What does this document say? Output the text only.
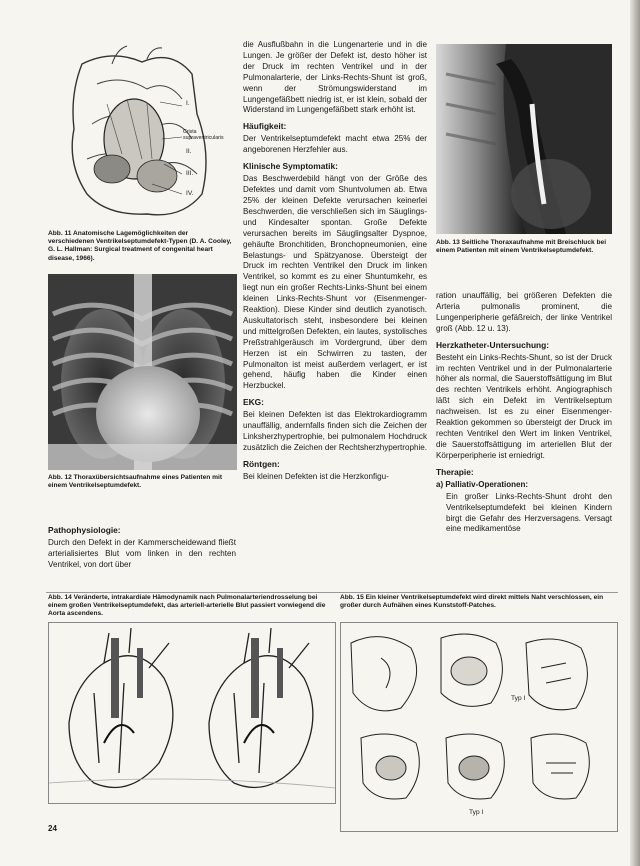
I.
Crista
supraventricularis
II.
III.
IV.
Abb. 11 Anatomische Lagemöglichkeiten der verschiedenen Ventrikelseptumdefekt-Typen (D. A. Cooley, G. L. Hallman: Surgical treatment of congenital heart disease, 1966).
Abb. 12 Thoraxübersichtsaufnahme eines Patienten mit einem Ventrikelseptumdefekt.
Pathophysiologie:

Durch den Defekt in der Kammerscheidewand fließt arterialisiertes Blut vom linken in den rechten Ventrikel, von dort über

die Ausflußbahn in die Lungenarterie und in die Lungen. Je größer der Defekt ist, desto höher ist der Druck im rechten Ventrikel und in der Pulmonalarterie, der Links-Rechts-Shunt ist groß, wenn der Strömungswiderstand im Lungengefäßbett niedrig ist, er ist klein, sobald der Widerstand im Lungengefäßbett stark erhöht ist.

Häufigkeit:

Der Ventrikelseptumdefekt macht etwa 25% der angeborenen Herzfehler aus.

Klinische Symptomatik:

Das Beschwerdebild hängt von der Größe des Defektes und damit vom Shuntvolumen ab. Etwa 25% der kleinen Defekte verursachen keinerlei Beschwerden, die verschließen sich im Säuglings- und Kindesalter spontan. Große Defekte verursachen bereits im Säuglingsalter Dyspnoe, gehäufte Bronchitiden, Bronchopneumonien, eine Belastungs- und Spätzyanose. Übersteigt der Druck im rechten Ventrikel den Druck im linken Ventrikel, so kommt es zu einer Shuntumkehr, es liegt nun ein großer Rechts-Links-Shunt bei einem kleinen Links-Rechts-Shunt vor (Eisenmenger-Reaktion). Diese Kinder sind deutlich zyanotisch. Auskultatorisch steht, insbesondere bei kleinen und mittelgroßen Defekten, ein lautes, systolisches Preßstrahlgeräusch im Vordergrund, über dem Herzen ist ein Schwirren zu tasten, der Pulmonalton ist meist außerdem verlagert, er ist gehend, häufig haben die Kinder einen Herzbuckel.

EKG:

Bei kleinen Defekten ist das Elektrokardiogramm unauffällig, andernfalls finden sich die Zeichen der Linksherzhypertrophie, bei pulmonalem Hochdruck zusätzlich die Zeichen der Rechtsherzhypertrophie.

Röntgen:

Bei kleinen Defekten ist die Herzkonfigu-

Abb. 13 Seitliche Thoraxaufnahme mit Breischluck bei einem Patienten mit einem Ventrikelseptumdefekt.

ration unauffällig, bei größeren Defekten die Arteria pulmonalis prominent, die Lungenperipherie gefäßreich, der linke Ventrikel groß (Abb. 12 u. 13).

Herzkatheter-Untersuchung:

Besteht ein Links-Rechts-Shunt, so ist der Druck im rechten Ventrikel und in der Pulmonalarterie höher als normal, die Sauerstoffsättigung im Blut des rechten Ventrikels erhöht. Angiographisch läßt sich ein Defekt im Ventrikelseptum nachweisen. Ist es zu einer Eisenmenger-Reaktion gekommen so übersteigt der Druck im rechten Ventrikel den Wert im linken Ventrikel, die Sauerstoffsättigung im arteriellen Blut der Körperperipherie ist erniedrigt.

Therapie:
a) Palliativ-Operationen:

Ein großer Links-Rechts-Shunt droht den Ventrikelseptumdefekt bei kleinen Kindern birgt die Gefahr des Herzversagens. Versagt eine medikamentöse

Abb. 14 Veränderte, intrakardiale Hämodynamik nach Pulmonalarteriendrosselung bei einem großen Ventrikelseptumdefekt, das arteriell-arterielle Blut passiert vorwiegend die Aorta ascendens.
Abb. 15 Ein kleiner Ventrikelseptumdefekt wird direkt mittels Naht verschlossen, ein großer durch Aufnähen eines Kunststoff-Patches.
Typ I
Typ I
24
